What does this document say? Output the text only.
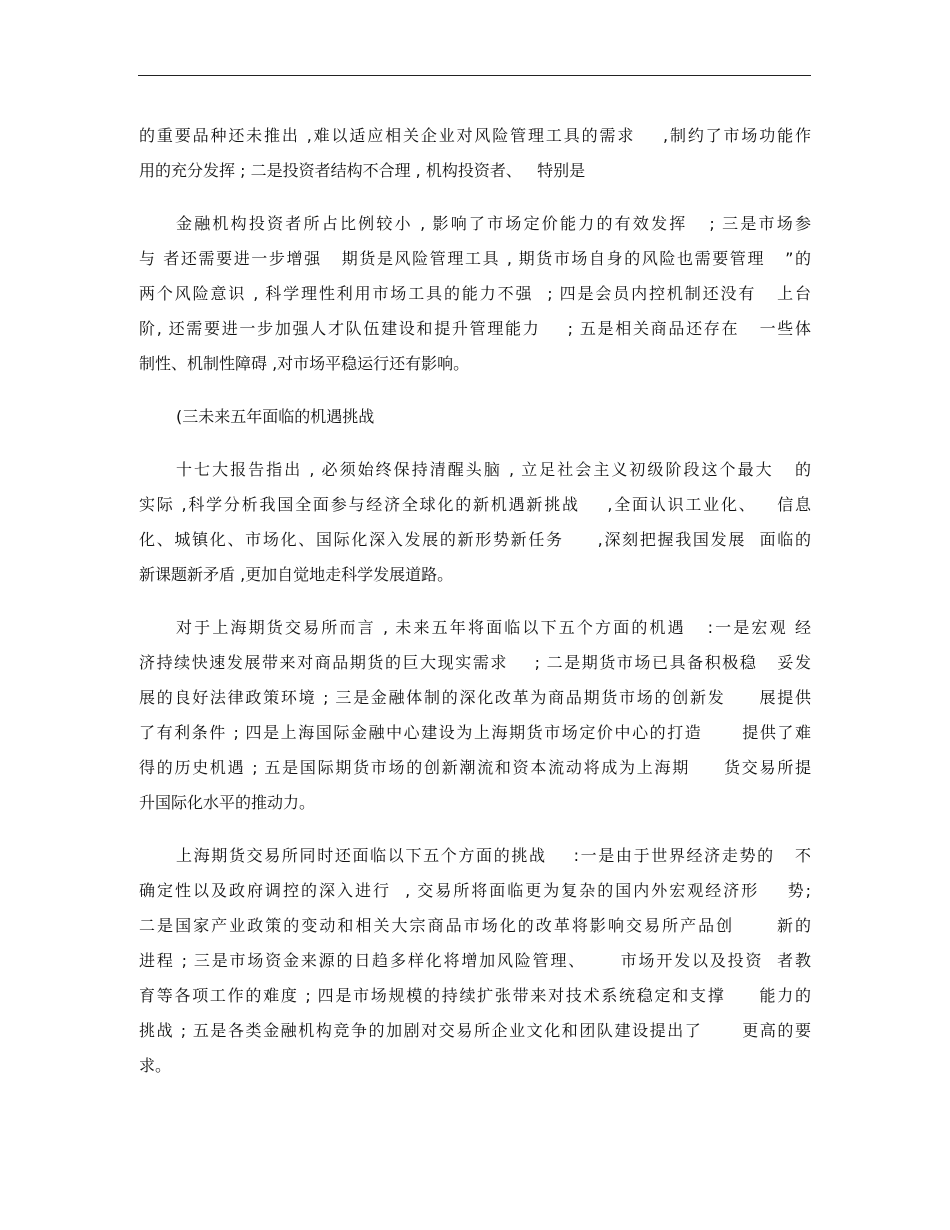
的重要品种还未推出 ,难以适应相关企业对风险管理工具的需求    ,制约了市场功能作
用的充分发挥 ; 二是投资者结构不合理 , 机构投资者、   特别是
金融机构投资者所占比例较小 , 影响了市场定价能力的有效发挥   ; 三是市场参
与 者还需要进一步增强   期货是风险管理工具 , 期货市场自身的风险也需要管理   ”的
两个风险意识 , 科学理性利用市场工具的能力不强  ; 四是会员内控机制还没有   上台
阶, 还需要进一步加强人才队伍建设和提升管理能力    ; 五是相关商品还存在   一些体
制性、机制性障碍 ,对市场平稳运行还有影响。
(三未来五年面临的机遇挑战
十七大报告指出 , 必须始终保持清醒头脑 , 立足社会主义初级阶段这个最大   的
实际 ,科学分析我国全面参与经济全球化的新机遇新挑战    ,全面认识工业化、   信息
化、城镇化、市场化、国际化深入发展的新形势新任务     ,深刻把握我国发展  面临的
新课题新矛盾 ,更加自觉地走科学发展道路。
对于上海期货交易所而言 , 未来五年将面临以下五个方面的机遇   :一是宏观 经
济持续快速发展带来对商品期货的巨大现实需求    ; 二是期货市场已具备积极稳   妥发
展的良好法律政策环境 ; 三是金融体制的深化改革为商品期货市场的创新发     展提供
了有利条件 ; 四是上海国际金融中心建设为上海期货市场定价中心的打造      提供了难
得的历史机遇 ; 五是国际期货市场的创新潮流和资本流动将成为上海期     货交易所提
升国际化水平的推动力。
上海期货交易所同时还面临以下五个方面的挑战    :一是由于世界经济走势的   不
确定性以及政府调控的深入进行  , 交易所将面临更为复杂的国内外宏观经济形    势;
二是国家产业政策的变动和相关大宗商品市场化的改革将影响交易所产品创      新的
进程 ; 三是市场资金来源的日趋多样化将增加风险管理、     市场开发以及投资  者教
育等各项工作的难度 ; 四是市场规模的持续扩张带来对技术系统稳定和支撑     能力的
挑战 ; 五是各类金融机构竞争的加剧对交易所企业文化和团队建设提出了      更高的要
求。
